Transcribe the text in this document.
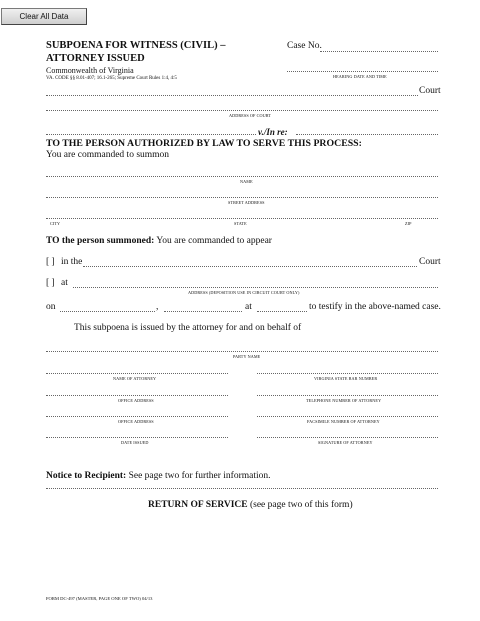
Clear All Data
SUBPOENA FOR WITNESS (CIVIL) –
ATTORNEY ISSUED
Commonwealth of Virginia
VA. CODE §§ 8.01-407; 16.1-265; Supreme Court Rules 1:4, 4:5
Case No.
HEARING DATE AND TIME
Court
ADDRESS OF COURT
v./In re:
TO THE PERSON AUTHORIZED BY LAW TO SERVE THIS PROCESS:
You are commanded to summon
NAME
STREET ADDRESS
CITY	STATE	ZIP
TO the person summoned: You are commanded to appear
[ ] in the	Court
[ ] at
ADDRESS (DEPOSITION USE IN CIRCUIT COURT ONLY)
on	,	at	to testify in the above-named case.
This subpoena is issued by the attorney for and on behalf of
PARTY NAME
NAME OF ATTORNEY	VIRGINIA STATE BAR NUMBER
OFFICE ADDRESS	TELEPHONE NUMBER OF ATTORNEY
OFFICE ADDRESS	FACSIMILE NUMBER OF ATTORNEY
DATE ISSUED	SIGNATURE OF ATTORNEY
Notice to Recipient: See page two for further information.
RETURN OF SERVICE (see page two of this form)
FORM DC-497 (MASTER, PAGE ONE OF TWO) 04/13
